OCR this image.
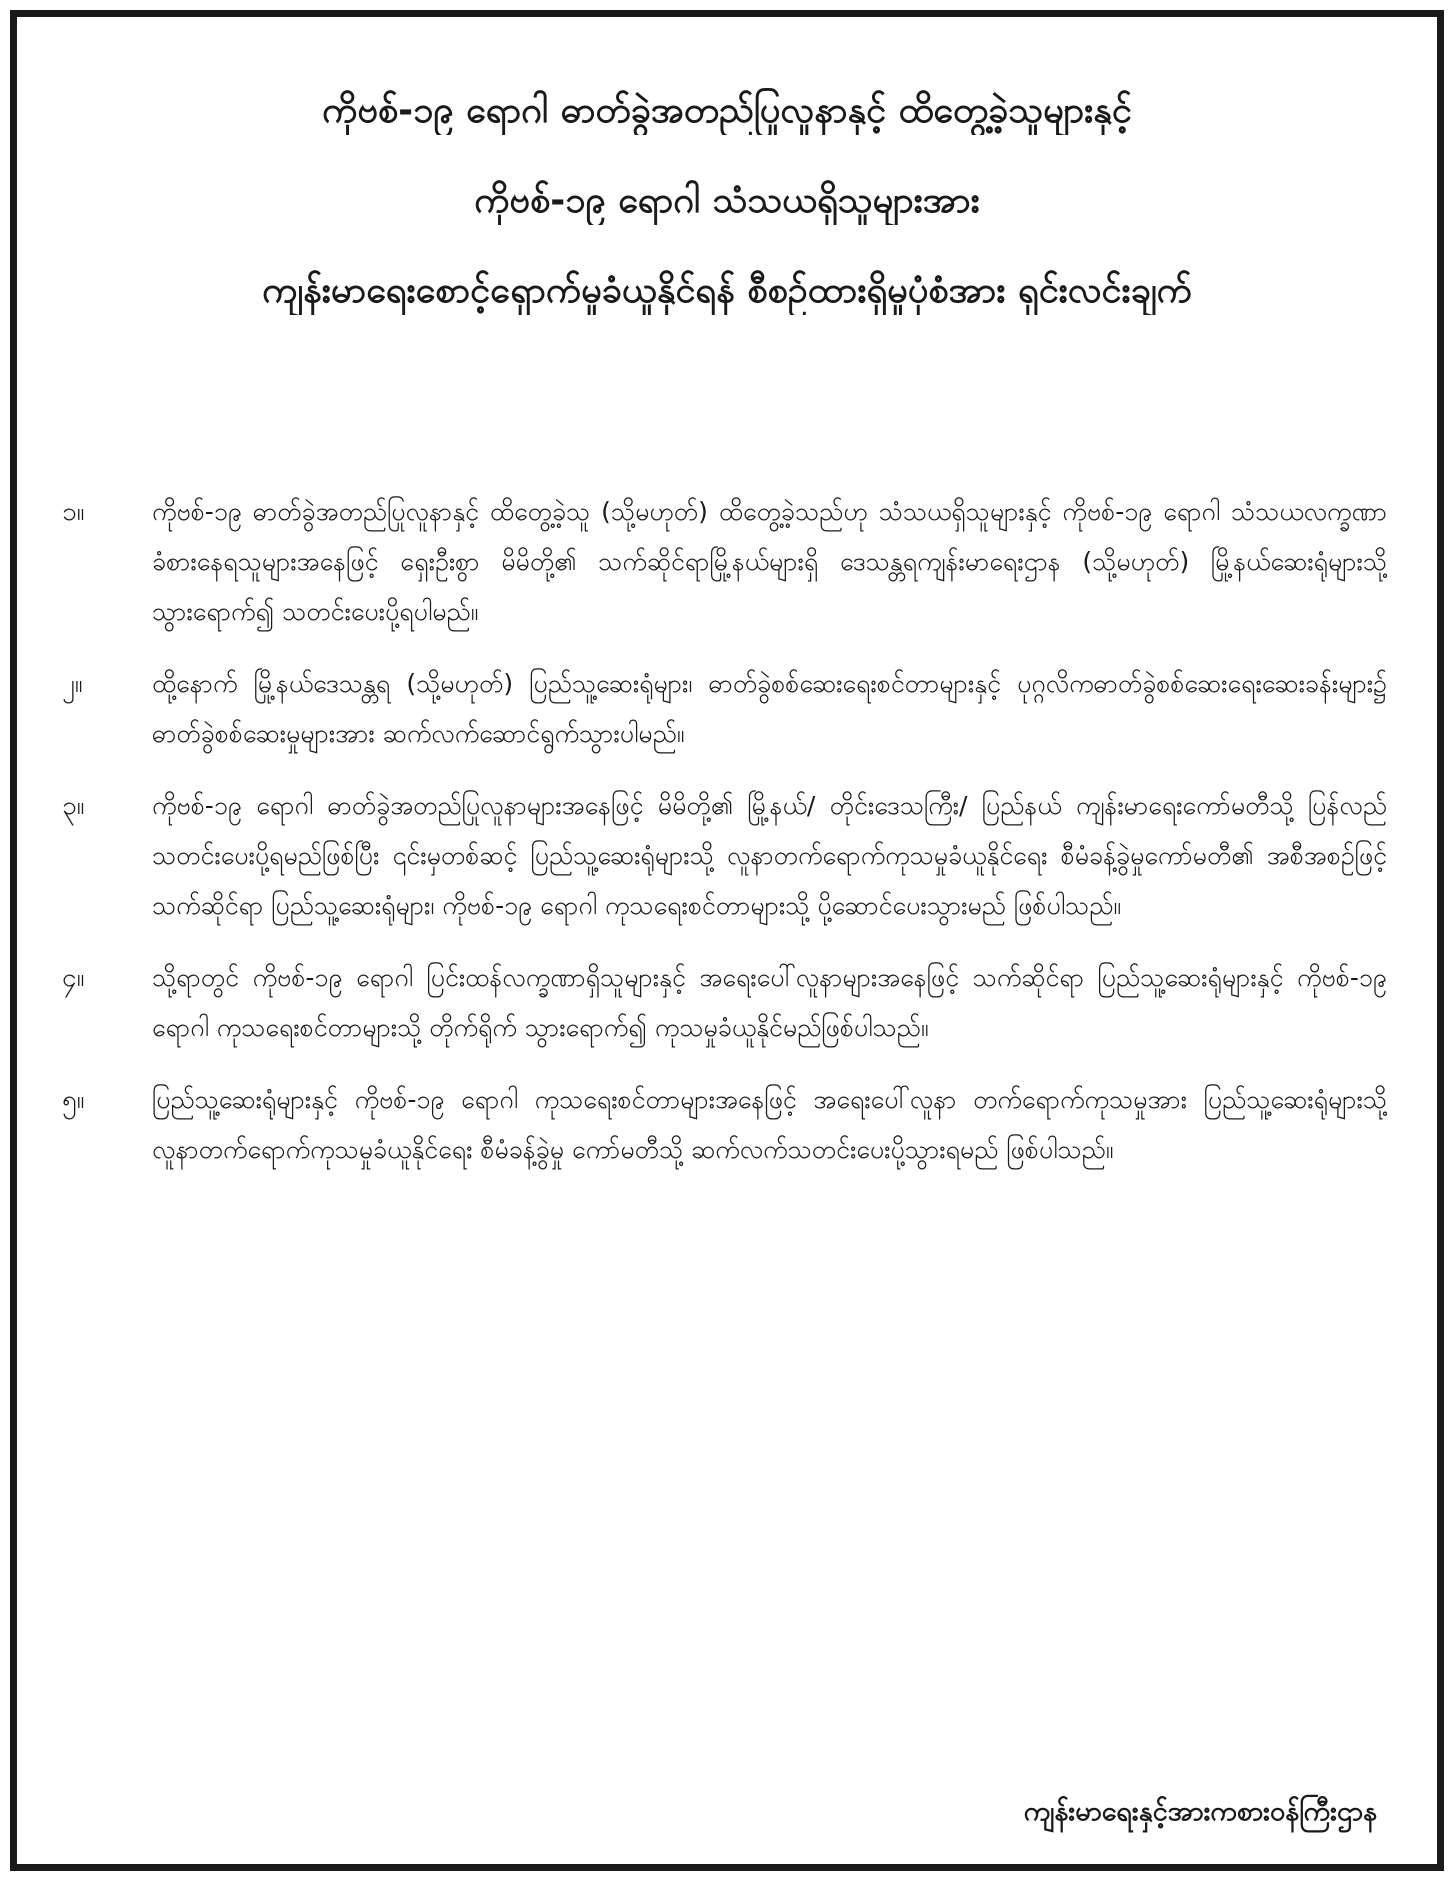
ကိုဗစ်-၁၉ ရောဂါ ဓာတ်ခွဲအတည်ပြုလူနာနှင့် ထိတွေ့ခဲ့သူများနှင့်
ကိုဗစ်-၁၉ ရောဂါ သံသယရှိသူများအား
ကျန်းမာရေးစောင့်ရှောက်မှုခံယူနိုင်ရန် စီစဉ်ထားရှိမှုပုံစံအား ရှင်းလင်းချက်
၁။	ကိုဗစ်-၁၉ ဓာတ်ခွဲအတည်ပြုလူနာနှင့် ထိတွေ့ခဲ့သူ (သို့မဟုတ်) ထိတွေ့ခဲ့သည်ဟု သံသယရှိသူများနှင့် ကိုဗစ်-၁၉ ရောဂါ သံသယလက္ခဏာခံစားနေရသူများအနေဖြင့် ရှေးဦးစွာ မိမိတို့၏ သက်ဆိုင်ရာမြို့နယ်များရှိ ဒေသန္တရကျန်းမာရေးဌာန (သို့မဟုတ်) မြို့နယ်ဆေးရုံများသို့ သွားရောက်၍ သတင်းပေးပို့ရပါမည်။
၂။	ထို့နောက် မြို့နယ်ဒေသန္တရ (သို့မဟုတ်) ပြည်သူ့ဆေးရုံများ၊ ဓာတ်ခွဲစစ်ဆေးရေးစင်တာများနှင့် ပုဂ္ဂလိကဓာတ်ခွဲစစ်ဆေးရေးဆေးခန်းများ၌ ဓာတ်ခွဲစစ်ဆေးမှုများအား ဆက်လက်ဆောင်ရွက်သွားပါမည်။
၃။	ကိုဗစ်-၁၉ ရောဂါ ဓာတ်ခွဲအတည်ပြုလူနာများအနေဖြင့် မိမိတို့၏ မြို့နယ်/ တိုင်းဒေသကြီး/ ပြည်နယ် ကျန်းမာရေးကော်မတီသို့ ပြန်လည်သတင်းပေးပို့ရမည်ဖြစ်ပြီး ၎င်းမှတစ်ဆင့် ပြည်သူ့ဆေးရုံများသို့ လူနာတက်ရောက်ကုသမှုခံယူနိုင်ရေး စီမံခန့်ခွဲမှုကော်မတီ၏ အစီအစဉ်ဖြင့် သက်ဆိုင်ရာ ပြည်သူ့ဆေးရုံများ၊ ကိုဗစ်-၁၉ ရောဂါ ကုသရေးစင်တာများသို့ ပို့ဆောင်ပေးသွားမည် ဖြစ်ပါသည်။
၄။	သို့ရာတွင် ကိုဗစ်-၁၉ ရောဂါ ပြင်းထန်လက္ခဏာရှိသူများနှင့် အရေးပေါ်လူနာများအနေဖြင့် သက်ဆိုင်ရာ ပြည်သူ့ဆေးရုံများနှင့် ကိုဗစ်-၁၉ ရောဂါ ကုသရေးစင်တာများသို့ တိုက်ရိုက် သွားရောက်၍ ကုသမှုခံယူနိုင်မည်ဖြစ်ပါသည်။
၅။	ပြည်သူ့ဆေးရုံများနှင့် ကိုဗစ်-၁၉ ရောဂါ ကုသရေးစင်တာများအနေဖြင့် အရေးပေါ်လူနာ တက်ရောက်ကုသမှုအား ပြည်သူ့ဆေးရုံများသို့ လူနာတက်ရောက်ကုသမှုခံယူနိုင်ရေး စီမံခန့်ခွဲမှု ကော်မတီသို့ ဆက်လက်သတင်းပေးပို့သွားရမည် ဖြစ်ပါသည်။
ကျန်းမာရေးနှင့်အားကစားဝန်ကြီးဌာန
